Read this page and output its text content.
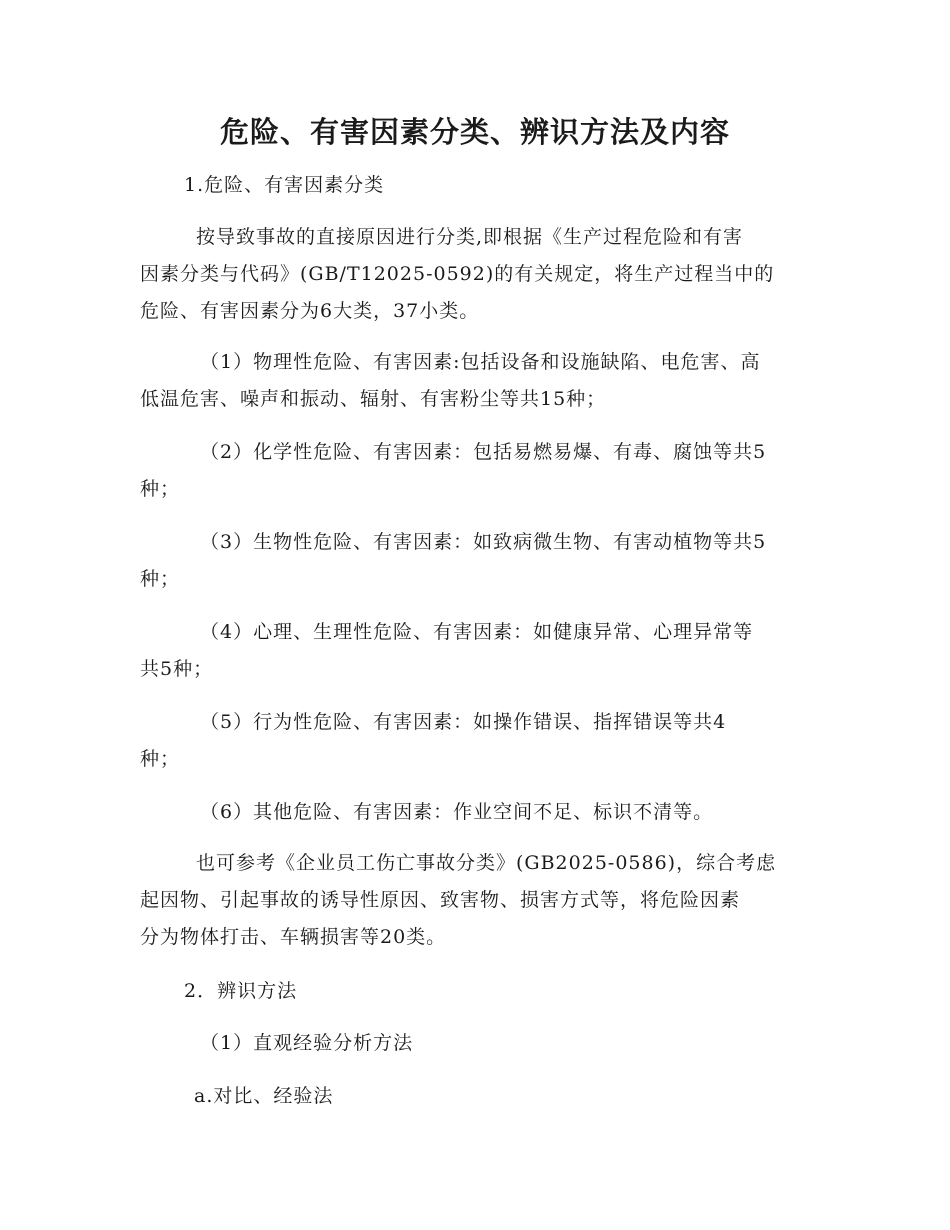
危险、有害因素分类、辨识方法及内容

1.危险、有害因素分类

按导致事故的直接原因进行分类,即根据《生产过程危险和有害

因素分类与代码》(GB/T12025-0592)的有关规定，将生产过程当中的

危险、有害因素分为6大类，37小类。

（1）物理性危险、有害因素:包括设备和设施缺陷、电危害、高

低温危害、噪声和振动、辐射、有害粉尘等共15种；

（2）化学性危险、有害因素：包括易燃易爆、有毒、腐蚀等共5

种；

（3）生物性危险、有害因素：如致病微生物、有害动植物等共5

种；

（4）心理、生理性危险、有害因素：如健康异常、心理异常等

共5种；

（5）行为性危险、有害因素：如操作错误、指挥错误等共4

种；

（6）其他危险、有害因素：作业空间不足、标识不清等。

也可参考《企业员工伤亡事故分类》(GB2025-0586)，综合考虑

起因物、引起事故的诱导性原因、致害物、损害方式等，将危险因素

分为物体打击、车辆损害等20类。

2．辨识方法

（1）直观经验分析方法

a.对比、经验法
